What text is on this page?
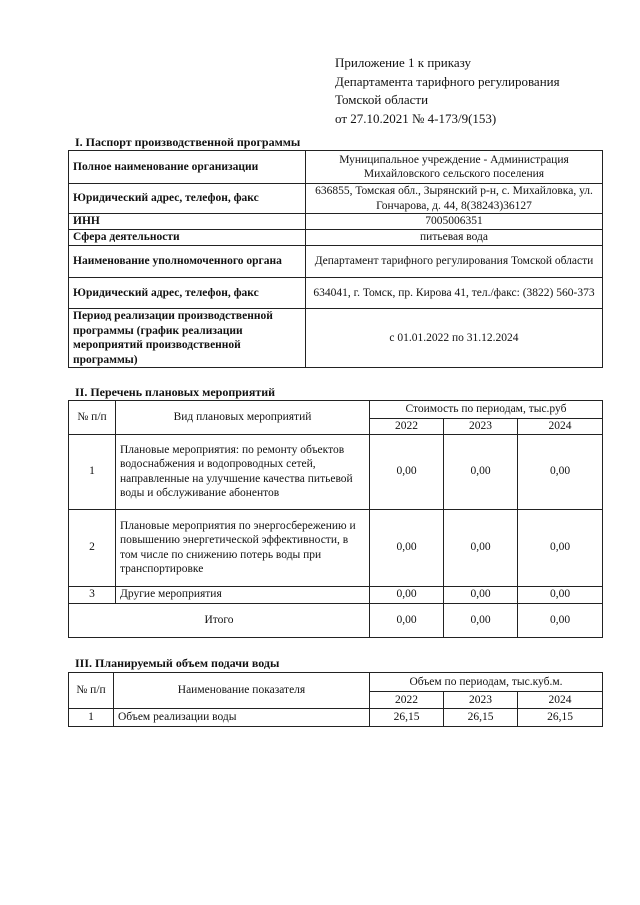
Приложение 1 к приказу
Департамента тарифного регулирования
Томской области
от 27.10.2021 № 4-173/9(153)
I. Паспорт производственной программы
Полное наименование организации	Муниципальное учреждение - Администрация Михайловского сельского поселения
Юридический адрес, телефон, факс	636855, Томская обл., Зырянский р-н, с. Михайловка, ул. Гончарова, д. 44, 8(38243)36127
ИНН	7005006351
Сфера деятельности	питьевая вода
Наименование уполномоченного органа	Департамент тарифного регулирования Томской области
Юридический адрес, телефон, факс	634041, г. Томск, пр. Кирова 41, тел./факс: (3822) 560-373
Период реализации производственной программы (график реализации мероприятий производственной программы)	с 01.01.2022 по 31.12.2024
II. Перечень плановых мероприятий
№ п/п	Вид плановых мероприятий	Стоимость по периодам, тыс.руб		
		2022	2023	2024
1	Плановые мероприятия: по ремонту объектов водоснабжения и водопроводных сетей, направленные на улучшение качества питьевой воды и обслуживание абонентов	0,00	0,00	0,00
2	Плановые мероприятия по энергосбережению и повышению энергетической эффективности, в том числе по снижению потерь воды при транспортировке	0,00	0,00	0,00
3	Другие мероприятия	0,00	0,00	0,00
Итого		0,00	0,00	0,00
III. Планируемый объем подачи воды
№ п/п	Наименование показателя	Объем по периодам, тыс.куб.м.		
		2022	2023	2024
1	Объем реализации воды	26,15	26,15	26,15
